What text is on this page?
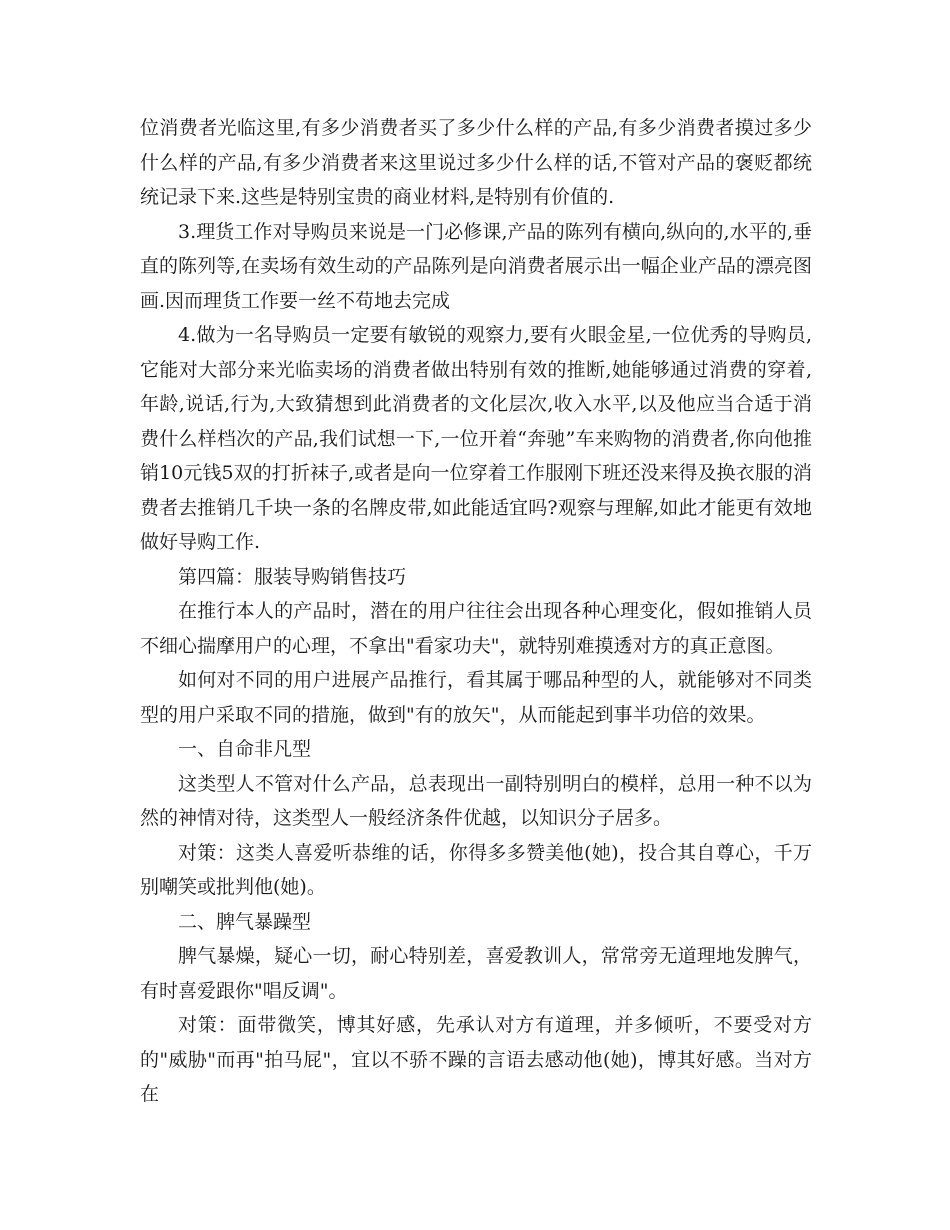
位消费者光临这里,有多少消费者买了多少什么样的产品,有多少消费者摸过多少什么样的产品,有多少消费者来这里说过多少什么样的话,不管对产品的褒贬都统统记录下来.这些是特别宝贵的商业材料,是特别有价值的.

3.理货工作对导购员来说是一门必修课,产品的陈列有横向,纵向的,水平的,垂直的陈列等,在卖场有效生动的产品陈列是向消费者展示出一幅企业产品的漂亮图画.因而理货工作要一丝不苟地去完成

4.做为一名导购员一定要有敏锐的观察力,要有火眼金星,一位优秀的导购员,它能对大部分来光临卖场的消费者做出特别有效的推断,她能够通过消费的穿着,年龄,说话,行为,大致猜想到此消费者的文化层次,收入水平,以及他应当合适于消费什么样档次的产品,我们试想一下,一位开着“奔驰”车来购物的消费者,你向他推销10元钱5双的打折袜子,或者是向一位穿着工作服刚下班还没来得及换衣服的消费者去推销几千块一条的名牌皮带,如此能适宜吗?观察与理解,如此才能更有效地做好导购工作.

第四篇：服装导购销售技巧

在推行本人的产品时，潜在的用户往往会出现各种心理变化，假如推销人员不细心揣摩用户的心理，不拿出"看家功夫"，就特别难摸透对方的真正意图。

如何对不同的用户进展产品推行，看其属于哪品种型的人，就能够对不同类型的用户采取不同的措施，做到"有的放矢"，从而能起到事半功倍的效果。

一、自命非凡型

这类型人不管对什么产品，总表现出一副特别明白的模样，总用一种不以为然的神情对待，这类型人一般经济条件优越，以知识分子居多。

对策：这类人喜爱听恭维的话，你得多多赞美他(她)，投合其自尊心，千万别嘲笑或批判他(她)。

二、脾气暴躁型

脾气暴燥，疑心一切，耐心特别差，喜爱教训人，常常旁无道理地发脾气，有时喜爱跟你"唱反调"。

对策：面带微笑，博其好感，先承认对方有道理，并多倾听，不要受对方的"威胁"而再"拍马屁"，宜以不骄不躁的言语去感动他(她)，博其好感。当对方在
